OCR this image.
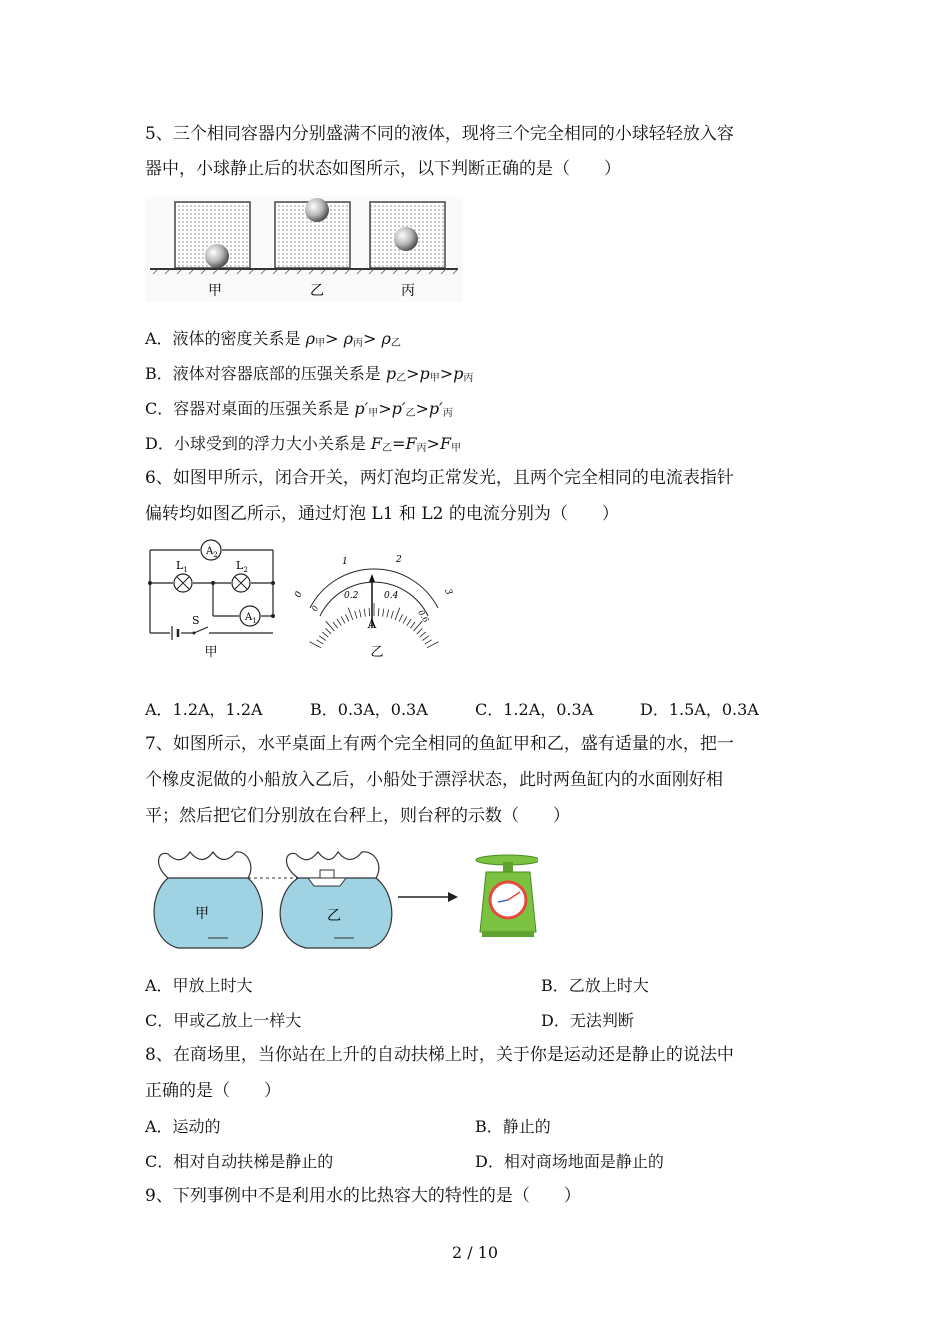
5、三个相同容器内分别盛满不同的液体，现将三个完全相同的小球轻轻放入容
器中，小球静止后的状态如图所示，以下判断正确的是（　　）
甲	乙	丙
A．液体的密度关系是 $\rho_甲> \rho_丙> \rho_乙$
B．液体对容器底部的压强关系是 $p_乙>p_甲>p_丙$
C．容器对桌面的压强关系是 $p'_甲>p'_乙>p'_丙$
D．小球受到的浮力大小关系是 $F_乙=F_丙>F_甲$
6、如图甲所示，闭合开关，两灯泡均正常发光，且两个完全相同的电流表指针
偏转均如图乙所示，通过灯泡 L1 和 L2 的电流分别为（　　）
$A_2$
$L_1$	$L_2$
$A_1$
S
甲
0
1	2
3
0
0.2	0.4
0.6
A
乙
A．1.2A，1.2A	B．0.3A，0.3A	C．1.2A，0.3A	D．1.5A，0.3A
7、如图所示，水平桌面上有两个完全相同的鱼缸甲和乙，盛有适量的水，把一
个橡皮泥做的小船放入乙后，小船处于漂浮状态，此时两鱼缸内的水面刚好相
平；然后把它们分别放在台秤上，则台秤的示数（　　）
甲	乙
A．甲放上时大	B．乙放上时大
C．甲或乙放上一样大	D．无法判断
8、在商场里，当你站在上升的自动扶梯上时，关于你是运动还是静止的说法中
正确的是（　　）
A．运动的	B．静止的
C．相对自动扶梯是静止的	D．相对商场地面是静止的
9、下列事例中不是利用水的比热容大的特性的是（　　）
2 / 10
